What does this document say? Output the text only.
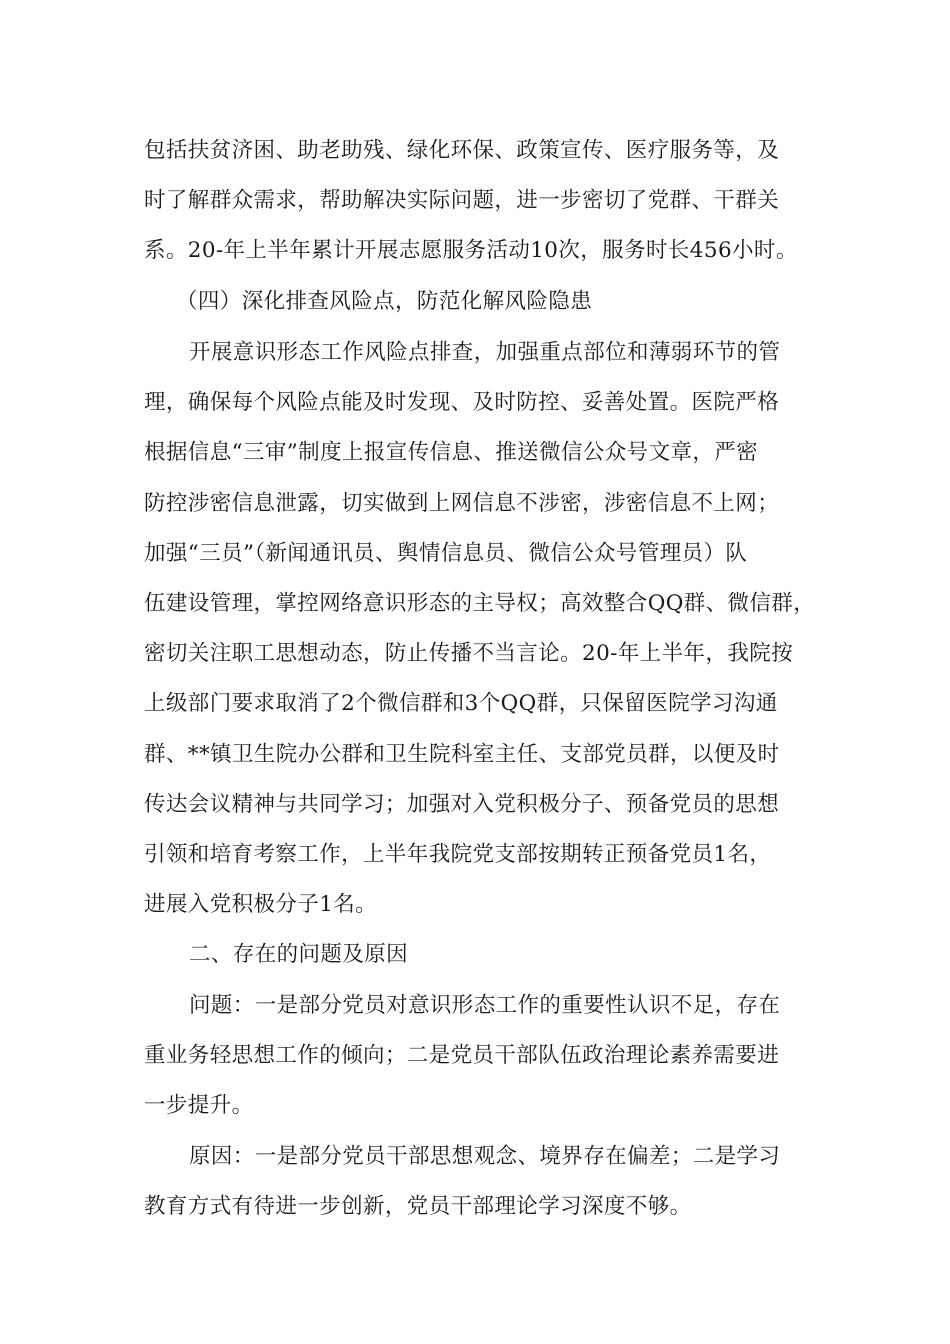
包括扶贫济困、助老助残、绿化环保、政策宣传、医疗服务等，及
时了解群众需求，帮助解决实际问题，进一步密切了党群、干群关
系。20-年上半年累计开展志愿服务活动10次，服务时长456小时。
（四）深化排查风险点，防范化解风险隐患
开展意识形态工作风险点排查，加强重点部位和薄弱环节的管
理，确保每个风险点能及时发现、及时防控、妥善处置。医院严格
根据信息“三审”制度上报宣传信息、推送微信公众号文章，严密
防控涉密信息泄露，切实做到上网信息不涉密，涉密信息不上网；
加强“三员”（新闻通讯员、舆情信息员、微信公众号管理员）队
伍建设管理，掌控网络意识形态的主导权；高效整合QQ群、微信群，
密切关注职工思想动态，防止传播不当言论。20-年上半年，我院按
上级部门要求取消了2个微信群和3个QQ群，只保留医院学习沟通
群、**镇卫生院办公群和卫生院科室主任、支部党员群，以便及时
传达会议精神与共同学习；加强对入党积极分子、预备党员的思想
引领和培育考察工作，上半年我院党支部按期转正预备党员1名，
进展入党积极分子1名。
二、存在的问题及原因
问题：一是部分党员对意识形态工作的重要性认识不足，存在
重业务轻思想工作的倾向；二是党员干部队伍政治理论素养需要进
一步提升。
原因：一是部分党员干部思想观念、境界存在偏差；二是学习
教育方式有待进一步创新，党员干部理论学习深度不够。
